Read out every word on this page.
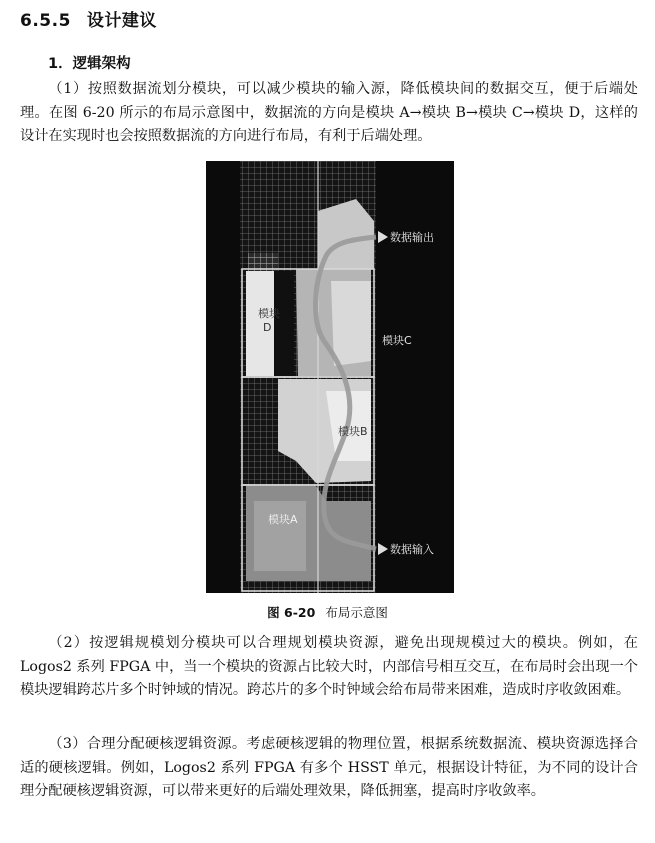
6.5.5 设计建议
1．逻辑架构

（1）按照数据流划分模块，可以减少模块的输入源，降低模块间的数据交互，便于后端处理。在图 6-20 所示的布局示意图中，数据流的方向是模块 A→模块 B→模块 C→模块 D，这样的设计在实现时也会按照数据流的方向进行布局，有利于后端处理。

数据输出
模块C
模块 D
模块B
模块A
数据输入
图 6-20 布局示意图

（2）按逻辑规模划分模块可以合理规划模块资源，避免出现规模过大的模块。例如，在 Logos2 系列 FPGA 中，当一个模块的资源占比较大时，内部信号相互交互，在布局时会出现一个模块逻辑跨芯片多个时钟域的情况。跨芯片的多个时钟域会给布局带来困难，造成时序收敛困难。

（3）合理分配硬核逻辑资源。考虑硬核逻辑的物理位置，根据系统数据流、模块资源选择合适的硬核逻辑。例如，Logos2 系列 FPGA 有多个 HSST 单元，根据设计特征，为不同的设计合理分配硬核逻辑资源，可以带来更好的后端处理效果，降低拥塞，提高时序收敛率。
